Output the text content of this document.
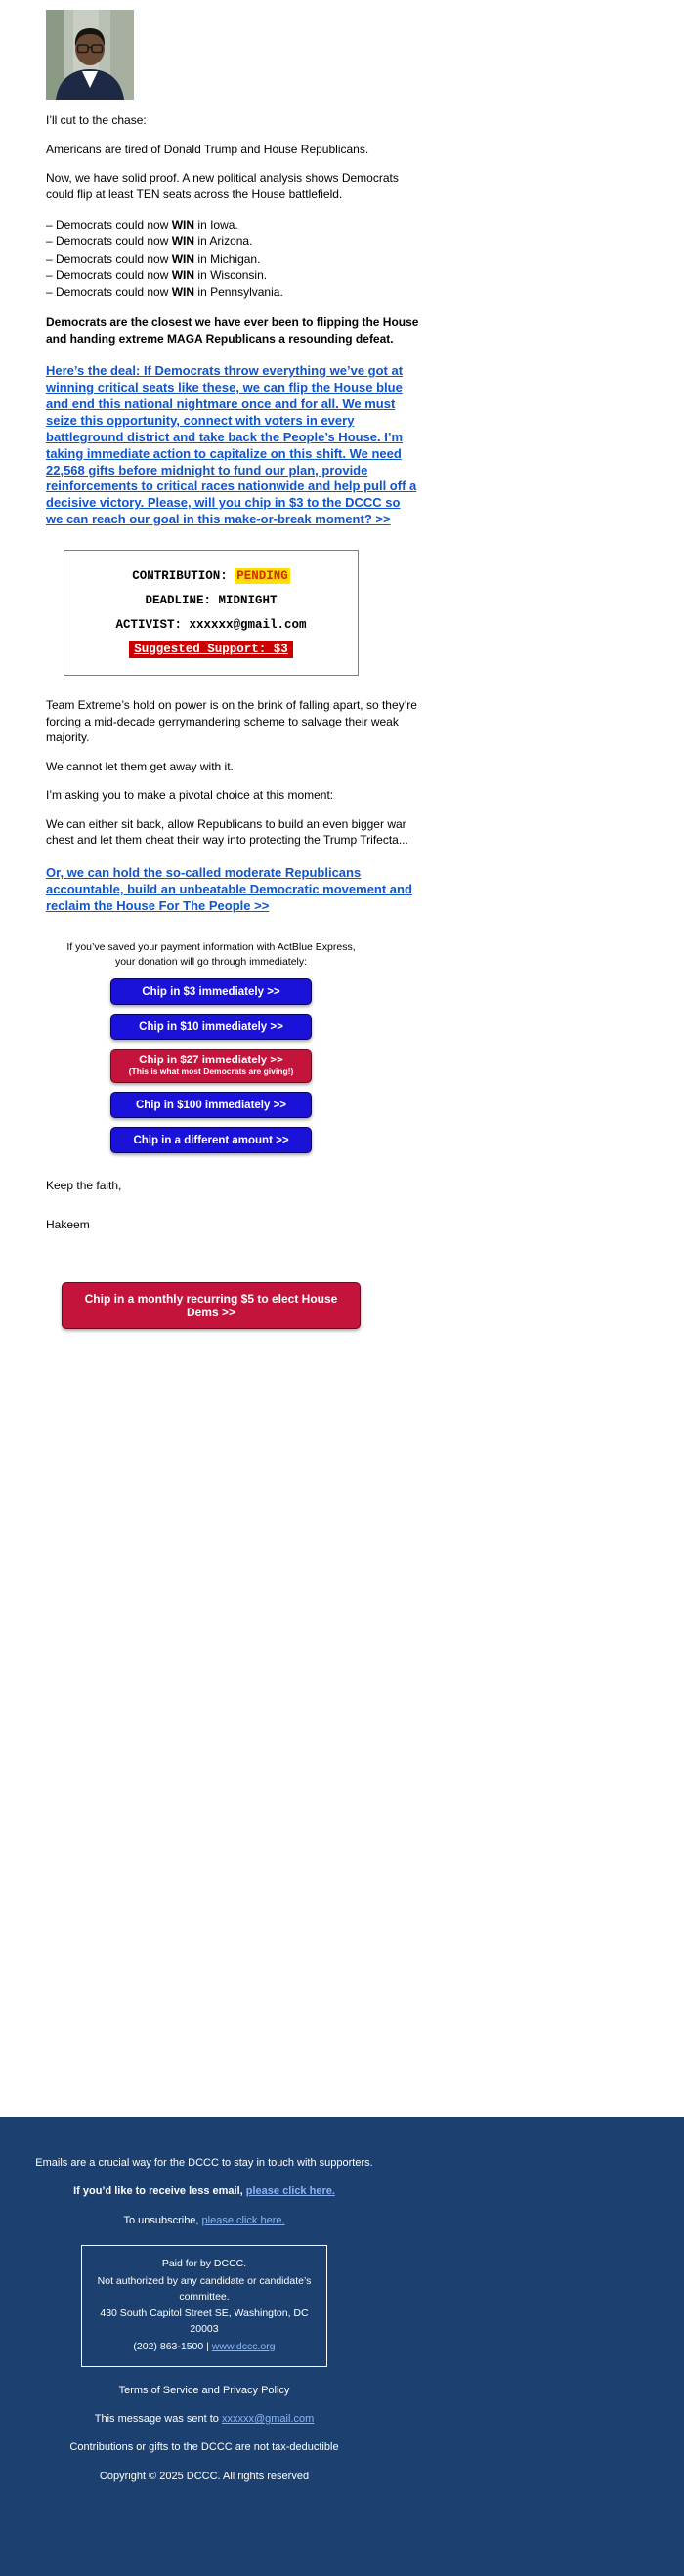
I’ll cut to the chase:

Americans are tired of Donald Trump and House Republicans.

Now, we have solid proof. A new political analysis shows Democrats could flip at least TEN seats across the House battlefield.

– Democrats could now WIN in Iowa.
– Democrats could now WIN in Arizona.
– Democrats could now WIN in Michigan.
– Democrats could now WIN in Wisconsin.
– Democrats could now WIN in Pennsylvania.

Democrats are the closest we have ever been to flipping the House and handing extreme MAGA Republicans a resounding defeat.

Here’s the deal: If Democrats throw everything we’ve got at winning critical seats like these, we can flip the House blue and end this national nightmare once and for all. We must seize this opportunity, connect with voters in every battleground district and take back the People’s House. I’m taking immediate action to capitalize on this shift. We need 22,568 gifts before midnight to fund our plan, provide reinforcements to critical races nationwide and help pull off a decisive victory. Please, will you chip in $3 to the DCCC so we can reach our goal in this make-or-break moment? >>

CONTRIBUTION: PENDING

DEADLINE: MIDNIGHT

ACTIVIST: xxxxxx@gmail.com

Suggested Support: $3

Team Extreme’s hold on power is on the brink of falling apart, so they’re forcing a mid-decade gerrymandering scheme to salvage their weak majority.

We cannot let them get away with it.

I’m asking you to make a pivotal choice at this moment:

We can either sit back, allow Republicans to build an even bigger war chest and let them cheat their way into protecting the Trump Trifecta...

Or, we can hold the so-called moderate Republicans accountable, build an unbeatable Democratic movement and reclaim the House For The People >>

If you’ve saved your payment information with ActBlue Express,
your donation will go through immediately:

Chip in $3 immediately >>
Chip in $10 immediately >>
Chip in $27 immediately >>
(This is what most Democrats are giving!)
Chip in $100 immediately >>
Chip in a different amount >>

Keep the faith,

Hakeem

Chip in a monthly recurring $5 to elect House Dems >>

Emails are a crucial way for the DCCC to stay in touch with supporters.

If you’d like to receive less email, please click here.

To unsubscribe, please click here.

Paid for by DCCC.

Not authorized by any candidate or candidate’s committee.

430 South Capitol Street SE, Washington, DC 20003

(202) 863-1500 | www.dccc.org

Terms of Service and Privacy Policy

This message was sent to xxxxxx@gmail.com

Contributions or gifts to the DCCC are not tax-deductible

Copyright © 2025 DCCC. All rights reserved
